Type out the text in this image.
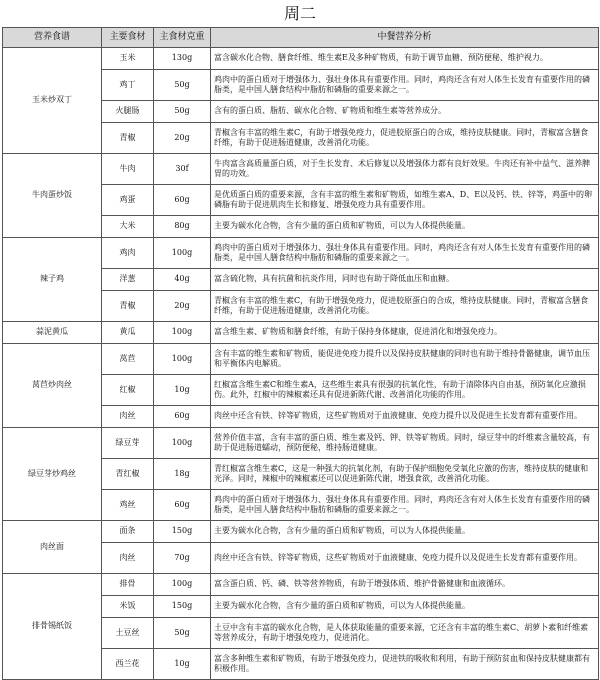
周二
营养食谱	主要食材	主食材克重	中餐营养分析
玉米炒双丁	玉米	130g	富含碳水化合物、膳食纤维、维生素E及多种矿物质，有助于调节血糖、预防便秘、维护视力。
	鸡丁	50g	鸡肉中的蛋白质对于增强体力、强壮身体具有重要作用。同时，鸡肉还含有对人体生长发育有重要作用的磷脂类，是中国人膳食结构中脂肪和磷脂的重要来源之一。
	火腿肠	50g	含有的蛋白质、脂肪、碳水化合物、矿物质和维生素等营养成分。
	青椒	20g	青椒含有丰富的维生素C，有助于增强免疫力，促进胶原蛋白的合成，维持皮肤健康。同时，青椒富含膳食纤维，有助于促进肠道健康，改善消化功能。
牛肉蛋炒饭	牛肉	30f	牛肉富含高质量蛋白质，对于生长发育、术后修复以及增强体力都有良好效果。牛肉还有补中益气、滋养脾胃的功效。
	鸡蛋	60g	是优质蛋白质的重要来源，含有丰富的维生素和矿物质，如维生素A、D、E以及钙、铁、锌等，鸡蛋中的卵磷脂有助于促进肌肉生长和修复、增强免疫力具有重要作用。
	大米	80g	主要为碳水化合物，含有少量的蛋白质和矿物质，可以为人体提供能量。
辣子鸡	鸡肉	100g	鸡肉中的蛋白质对于增强体力、强壮身体具有重要作用。同时，鸡肉还含有对人体生长发育有重要作用的磷脂类，是中国人膳食结构中脂肪和磷脂的重要来源之一。
	洋葱	40g	富含硫化物，具有抗菌和抗炎作用，同时也有助于降低血压和血糖。
	青椒	20g	青椒含有丰富的维生素C，有助于增强免疫力，促进胶原蛋白的合成，维持皮肤健康。同时，青椒富含膳食纤维，有助于促进肠道健康，改善消化功能。
蒜泥黄瓜	黄瓜	100g	富含维生素、矿物质和膳食纤维，有助于保持身体健康，促进消化和增强免疫力。
莴苣炒肉丝	莴苣	100g	含有丰富的维生素和矿物质，能促进免疫力提升以及保持皮肤健康的同时也有助于维持骨骼健康，调节血压和平衡体内电解质。
	红椒	10g	红椒富含维生素C和维生素A，这些维生素具有很强的抗氧化性，有助于清除体内自由基，预防氧化应激损伤。此外，红椒中的辣椒素还具有促进新陈代谢、改善消化功能的作用。
	肉丝	60g	肉丝中还含有铁、锌等矿物质，这些矿物质对于血液健康、免疫力提升以及促进生长发育都有重要作用。
绿豆芽炒鸡丝	绿豆芽	100g	营养价值丰富，含有丰富的蛋白质、维生素及钙、钾、铁等矿物质。同时，绿豆芽中的纤维素含量较高，有助于促进肠道蠕动，预防便秘，维持肠道健康。
	青红椒	18g	青红椒富含维生素C，这是一种强大的抗氧化剂，有助于保护细胞免受氧化应激的伤害，维持皮肤的健康和光泽。同时，辣椒中的辣椒素还可以促进新陈代谢，增强食欲，改善消化功能。
	鸡丝	60g	鸡肉中的蛋白质对于增强体力、强壮身体具有重要作用。同时，鸡肉还含有对人体生长发育有重要作用的磷脂类，是中国人膳食结构中脂肪和磷脂的重要来源之一。
肉丝面	面条	150g	主要为碳水化合物，含有少量的蛋白质和矿物质，可以为人体提供能量。
	肉丝	70g	肉丝中还含有铁、锌等矿物质，这些矿物质对于血液健康、免疫力提升以及促进生长发育都有重要作用。
排骨锡纸饭	排骨	100g	富含蛋白质、钙、磷、铁等营养物质，有助于增强体质、维护骨骼健康和血液循环。
	米饭	150g	主要为碳水化合物，含有少量的蛋白质和矿物质，可以为人体提供能量。
	土豆丝	50g	土豆中含有丰富的碳水化合物，是人体获取能量的重要来源，它还含有丰富的维生素C、胡萝卜素和纤维素等营养成分，有助于增强免疫力，促进消化。
	西兰花	10g	富含多种维生素和矿物质，有助于增强免疫力，促进铁的吸收和利用，有助于预防贫血和保持皮肤健康都有积极作用。
